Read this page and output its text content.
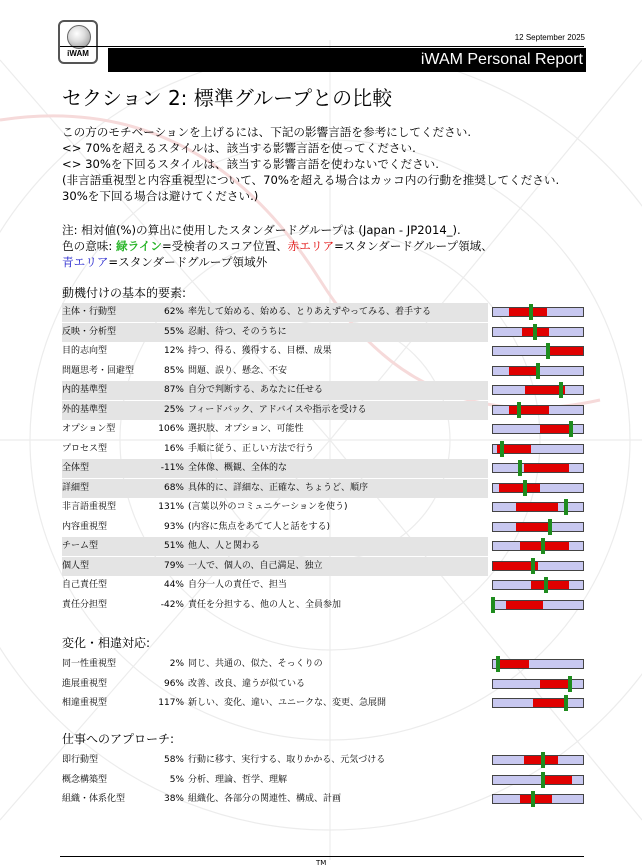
iWAM
12 September 2025
iWAM Personal Report
セクション 2: 標準グループとの比較
この方のモチベーションを上げるには、下記の影響言語を参考にしてください.
<> 70%を超えるスタイルは、該当する影響言語を使ってください.
<> 30%を下回るスタイルは、該当する影響言語を使わないでください.
(非言語重視型と内容重視型について、70%を超える場合はカッコ内の行動を推奨してください. 30%を下回る場合は避けてください.)
注: 相対値(%)の算出に使用したスタンダードグループは (Japan - JP2014_).
色の意味: 緑ライン=受検者のスコア位置、赤エリア=スタンダードグループ領域、
青エリア=スタンダードグループ領域外
動機付けの基本的要素:
変化・相違対応:
仕事へのアプローチ:
主体・行動型	62% 率先して始める、始める、とりあえずやってみる、着手する
反映・分析型	55% 忍耐、待つ、そのうちに
目的志向型	12% 持つ、得る、獲得する、目標、成果
問題思考・回避型	85% 問題、誤り、懸念、不安
内的基準型	87% 自分で判断する、あなたに任せる
外的基準型	25% フィードバック、アドバイスや指示を受ける
オプション型	106% 選択肢、オプション、可能性
プロセス型	16% 手順に従う、正しい方法で行う
全体型	-11% 全体像、概観、全体的な
詳細型	68% 具体的に、詳細な、正確な、ちょうど、順序
非言語重視型	131% (言葉以外のコミュニケーションを使う)
内容重視型	93% (内容に焦点をあてて人と話をする)
チーム型	51% 他人、人と関わる
個人型	79% 一人で、個人の、自己満足、独立
自己責任型	44% 自分一人の責任で、担当
責任分担型	-42% 責任を分担する、他の人と、全員参加
同一性重視型	2% 同じ、共通の、似た、そっくりの
進展重視型	96% 改善、改良、違うが似ている
相違重視型	117% 新しい、変化、違い、ユニークな、変更、急展開
即行動型	58% 行動に移す、実行する、取りかかる、元気づける
概念構築型	5% 分析、理論、哲学、理解
組織・体系化型	38% 組織化、各部分の関連性、構成、計画
TM
